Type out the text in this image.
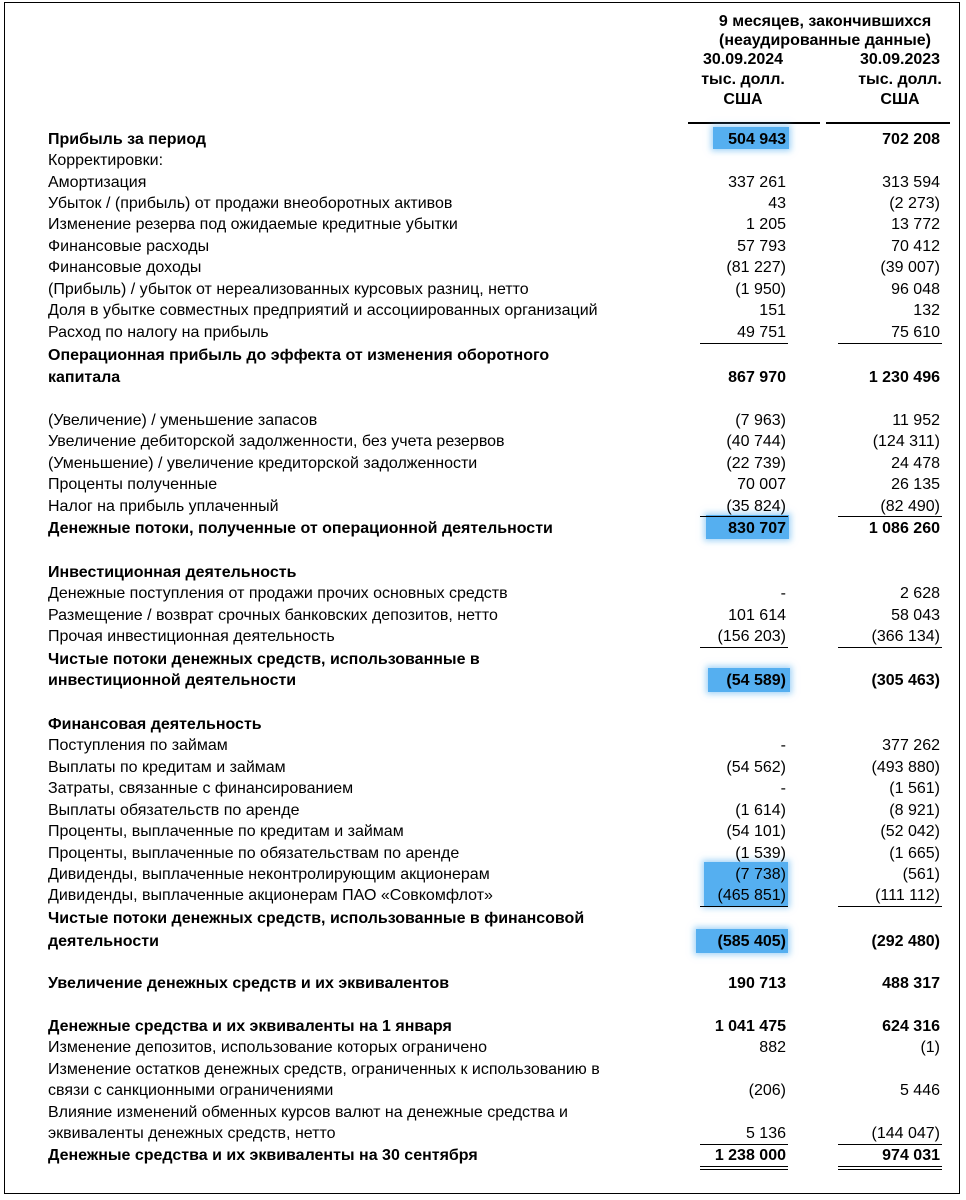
9 месяцев, закончившихся
(неаудированные данные)
30.09.2024
тыс. долл.
США
30.09.2023
тыс. долл.
США
Прибыль за период	504 943	702 208
Корректировки:
Амортизация	337 261	313 594
Убыток / (прибыль) от продажи внеоборотных активов	43	(2 273)
Изменение резерва под ожидаемые кредитные убытки	1 205	13 772
Финансовые расходы	57 793	70 412
Финансовые доходы	(81 227)	(39 007)
(Прибыль) / убыток от нереализованных курсовых разниц, нетто	(1 950)	96 048
Доля в убытке совместных предприятий и ассоциированных организаций	151	132
Расход по налогу на прибыль	49 751	75 610
Операционная прибыль до эффекта от изменения оборотного
капитала	867 970	1 230 496
(Увеличение) / уменьшение запасов	(7 963)	11 952
Увеличение дебиторской задолженности, без учета резервов	(40 744)	(124 311)
(Уменьшение) / увеличение кредиторской задолженности	(22 739)	24 478
Проценты полученные	70 007	26 135
Налог на прибыль уплаченный	(35 824)	(82 490)
Денежные потоки, полученные от операционной деятельности	830 707	1 086 260
Инвестиционная деятельность
Денежные поступления от продажи прочих основных средств	-	2 628
Размещение / возврат срочных банковских депозитов, нетто	101 614	58 043
Прочая инвестиционная деятельность	(156 203)	(366 134)
Чистые потоки денежных средств, использованные в
инвестиционной деятельности	(54 589)	(305 463)
Финансовая деятельность
Поступления по займам	-	377 262
Выплаты по кредитам и займам	(54 562)	(493 880)
Затраты, связанные с финансированием	-	(1 561)
Выплаты обязательств по аренде	(1 614)	(8 921)
Проценты, выплаченные по кредитам и займам	(54 101)	(52 042)
Проценты, выплаченные по обязательствам по аренде	(1 539)	(1 665)
Дивиденды, выплаченные неконтролирующим акционерам	(7 738)	(561)
Дивиденды, выплаченные акционерам ПАО «Совкомфлот»	(465 851)	(111 112)
Чистые потоки денежных средств, использованные в финансовой
деятельности	(585 405)	(292 480)
Увеличение денежных средств и их эквивалентов	190 713	488 317
Денежные средства и их эквиваленты на 1 января	1 041 475	624 316
Изменение депозитов, использование которых ограничено	882	(1)
Изменение остатков денежных средств, ограниченных к использованию в
связи с санкционными ограничениями	(206)	5 446
Влияние изменений обменных курсов валют на денежные средства и
эквиваленты денежных средств, нетто	5 136	(144 047)
Денежные средства и их эквиваленты на 30 сентября	1 238 000	974 031
